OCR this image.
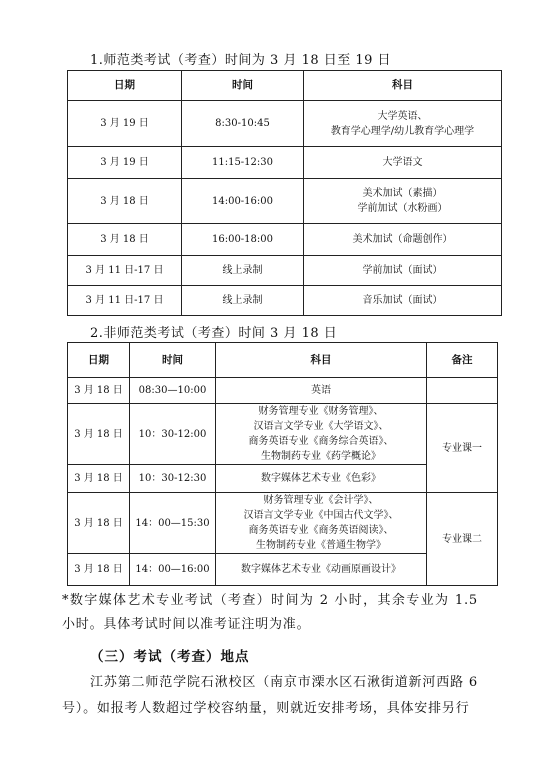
1.师范类考试（考查）时间为 3 月 18 日至 19 日
日期	时间	科目
3 月 19 日	8:30-10:45	大学英语、
教育学心理学/幼儿教育学心理学

3 月 19 日	11:15-12:30	大学语文

3 月 18 日	14:00-16:00	美术加试（素描）
学前加试（水粉画）

3 月 18 日	16:00-18:00	美术加试（命题创作）

3 月 11 日-17 日	线上录制	学前加试（面试）

3 月 11 日-17 日	线上录制	音乐加试（面试）
2.非师范类考试（考查）时间 3 月 18 日
日期	时间	科目	备注
3 月 18 日	08:30—10:00	英语	

3 月 18 日	10：30-12:00	财务管理专业《财务管理》、
汉语言文学专业《大学语文》、
商务英语专业《商务综合英语》、
生物制药专业《药学概论》	专业课一
3 月 18 日	10：30-12:30	数字媒体艺术专业《色彩》	

3 月 18 日	14：00—15:30	财务管理专业《会计学》、
汉语言文学专业《中国古代文学》、
商务英语专业《商务英语阅读》、
生物制药专业《普通生物学》	专业课二
3 月 18 日	14：00—16:00	数字媒体艺术专业《动画原画设计》	
*数字媒体艺术专业考试（考查）时间为 2 小时，其余专业为 1.5 小时。具体考试时间以准考证注明为准。
（三）考试（考查）地点
江苏第二师范学院石湫校区（南京市溧水区石湫街道新河西路 6 号）。如报考人数超过学校容纳量，则就近安排考场，具体安排另行
